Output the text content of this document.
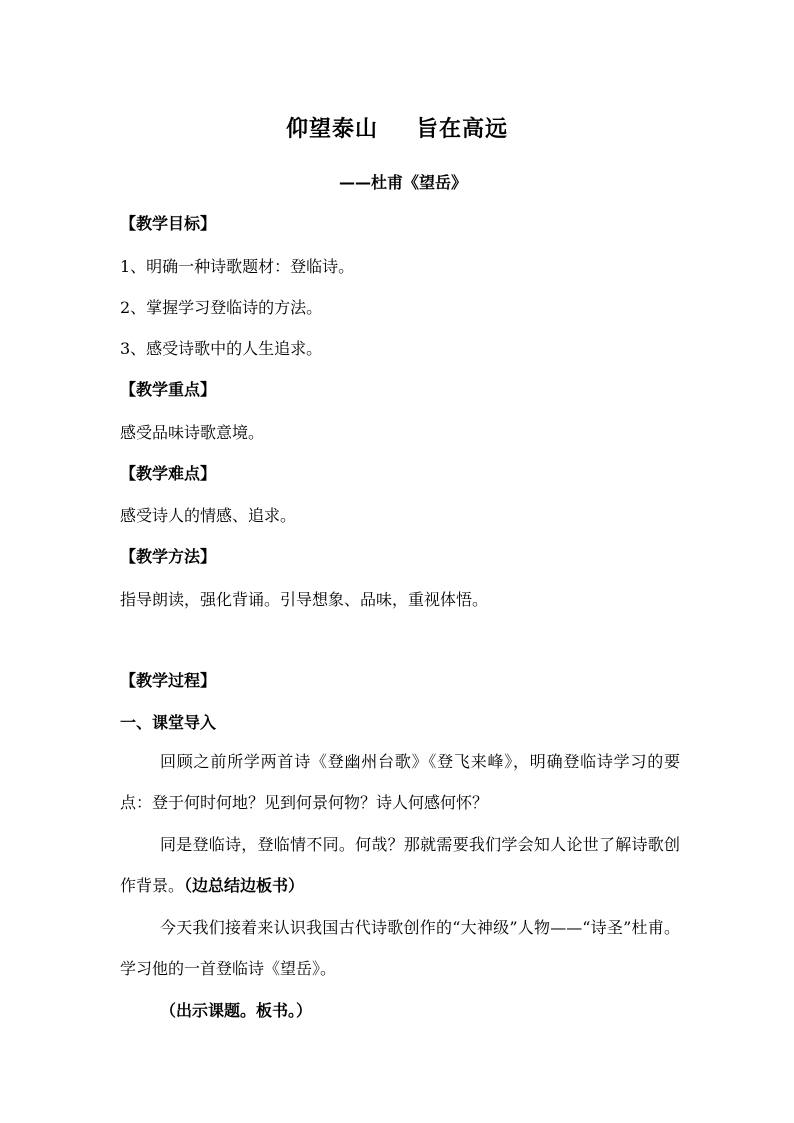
仰望泰山 旨在高远
——杜甫《望岳》
【教学目标】
1、明确一种诗歌题材：登临诗。
2、掌握学习登临诗的方法。
3、感受诗歌中的人生追求。
【教学重点】
感受品味诗歌意境。
【教学难点】
感受诗人的情感、追求。
【教学方法】
指导朗读，强化背诵。引导想象、品味，重视体悟。
【教学过程】
一、课堂导入
回顾之前所学两首诗《登幽州台歌》《登飞来峰》，明确登临诗学习的要点：登于何时何地？见到何景何物？诗人何感何怀？
同是登临诗，登临情不同。何哉？那就需要我们学会知人论世了解诗歌创作背景。（边总结边板书）
今天我们接着来认识我国古代诗歌创作的“大神级”人物——“诗圣”杜甫。学习他的一首登临诗《望岳》。
（出示课题。板书。）
